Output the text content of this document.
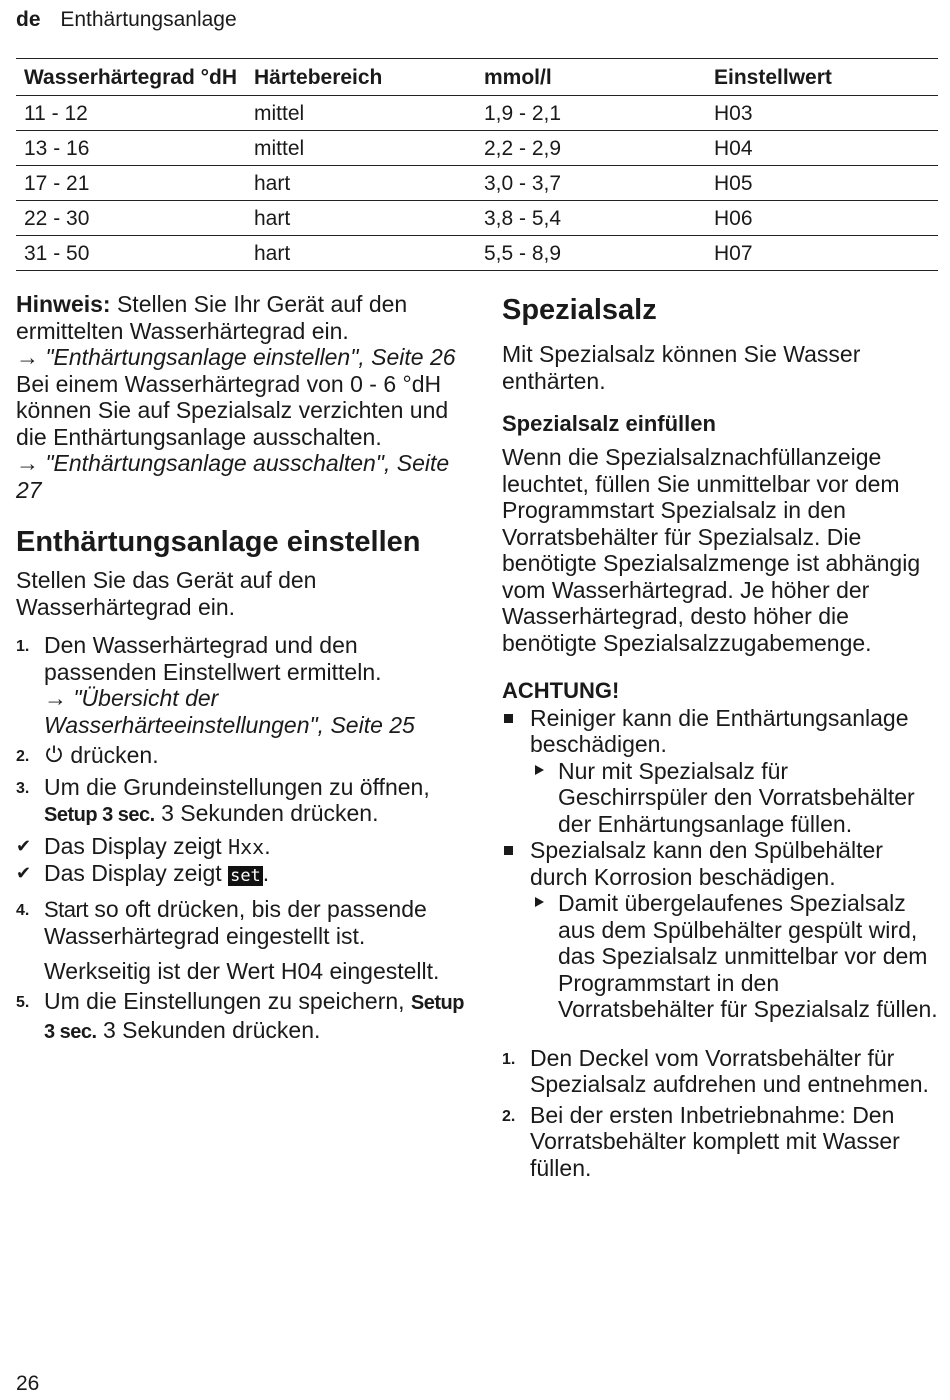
de Enthärtungsanlage
Wasserhärtegrad °dH	Härtebereich	mmol/l	Einstellwert
11 - 12	mittel	1,9 - 2,1	H03
13 - 16	mittel	2,2 - 2,9	H04
17 - 21	hart	3,0 - 3,7	H05
22 - 30	hart	3,8 - 5,4	H06
31 - 50	hart	5,5 - 8,9	H07

Hinweis: Stellen Sie Ihr Gerät auf den ermittelten Wasserhärtegrad ein.

→ "Enthärtungsanlage einstellen", Seite 26

Bei einem Wasserhärtegrad von 0 - 6 °dH können Sie auf Spezialsalz verzichten und die Enthärtungsanlage ausschalten.

→ "Enthärtungsanlage ausschalten", Seite 27

Enthärtungsanlage einstellen

Stellen Sie das Gerät auf den Wasserhärtegrad ein.

1. Den Wasserhärtegrad und den passenden Einstellwert ermitteln.
→ "Übersicht der Wasserhärteeinstellungen", Seite 25
2. drücken.
3. Um die Grundeinstellungen zu öffnen, Setup 3 sec. 3 Sekunden drücken.
✔ Das Display zeigt Hxx.
✔ Das Display zeigt set.
4. Start so oft drücken, bis der passende Wasserhärtegrad eingestellt ist.

Werkseitig ist der Wert H04 eingestellt.

5. Um die Einstellungen zu speichern, Setup 3 sec. 3 Sekunden drücken.
Spezialsalz

Mit Spezialsalz können Sie Wasser enthärten.

Spezialsalz einfüllen

Wenn die Spezialsalznachfüllanzeige leuchtet, füllen Sie unmittelbar vor dem Programmstart Spezialsalz in den Vorratsbehälter für Spezialsalz. Die benötigte Spezialsalzmenge ist abhängig vom Wasserhärtegrad. Je höher der Wasserhärtegrad, desto höher die benötigte Spezialsalzzugabemenge.

ACHTUNG!

Reiniger kann die Enthärtungsanlage beschädigen.
Nur mit Spezialsalz für Geschirrspüler den Vorratsbehälter der Enhärtungsanlage füllen.
Spezialsalz kann den Spülbehälter durch Korrosion beschädigen.
Damit übergelaufenes Spezialsalz aus dem Spülbehälter gespült wird, das Spezialsalz unmittelbar vor dem Programmstart in den Vorratsbehälter für Spezialsalz füllen.
1. Den Deckel vom Vorratsbehälter für Spezialsalz aufdrehen und entnehmen.
2. Bei der ersten Inbetriebnahme: Den Vorratsbehälter komplett mit Wasser füllen.
26
